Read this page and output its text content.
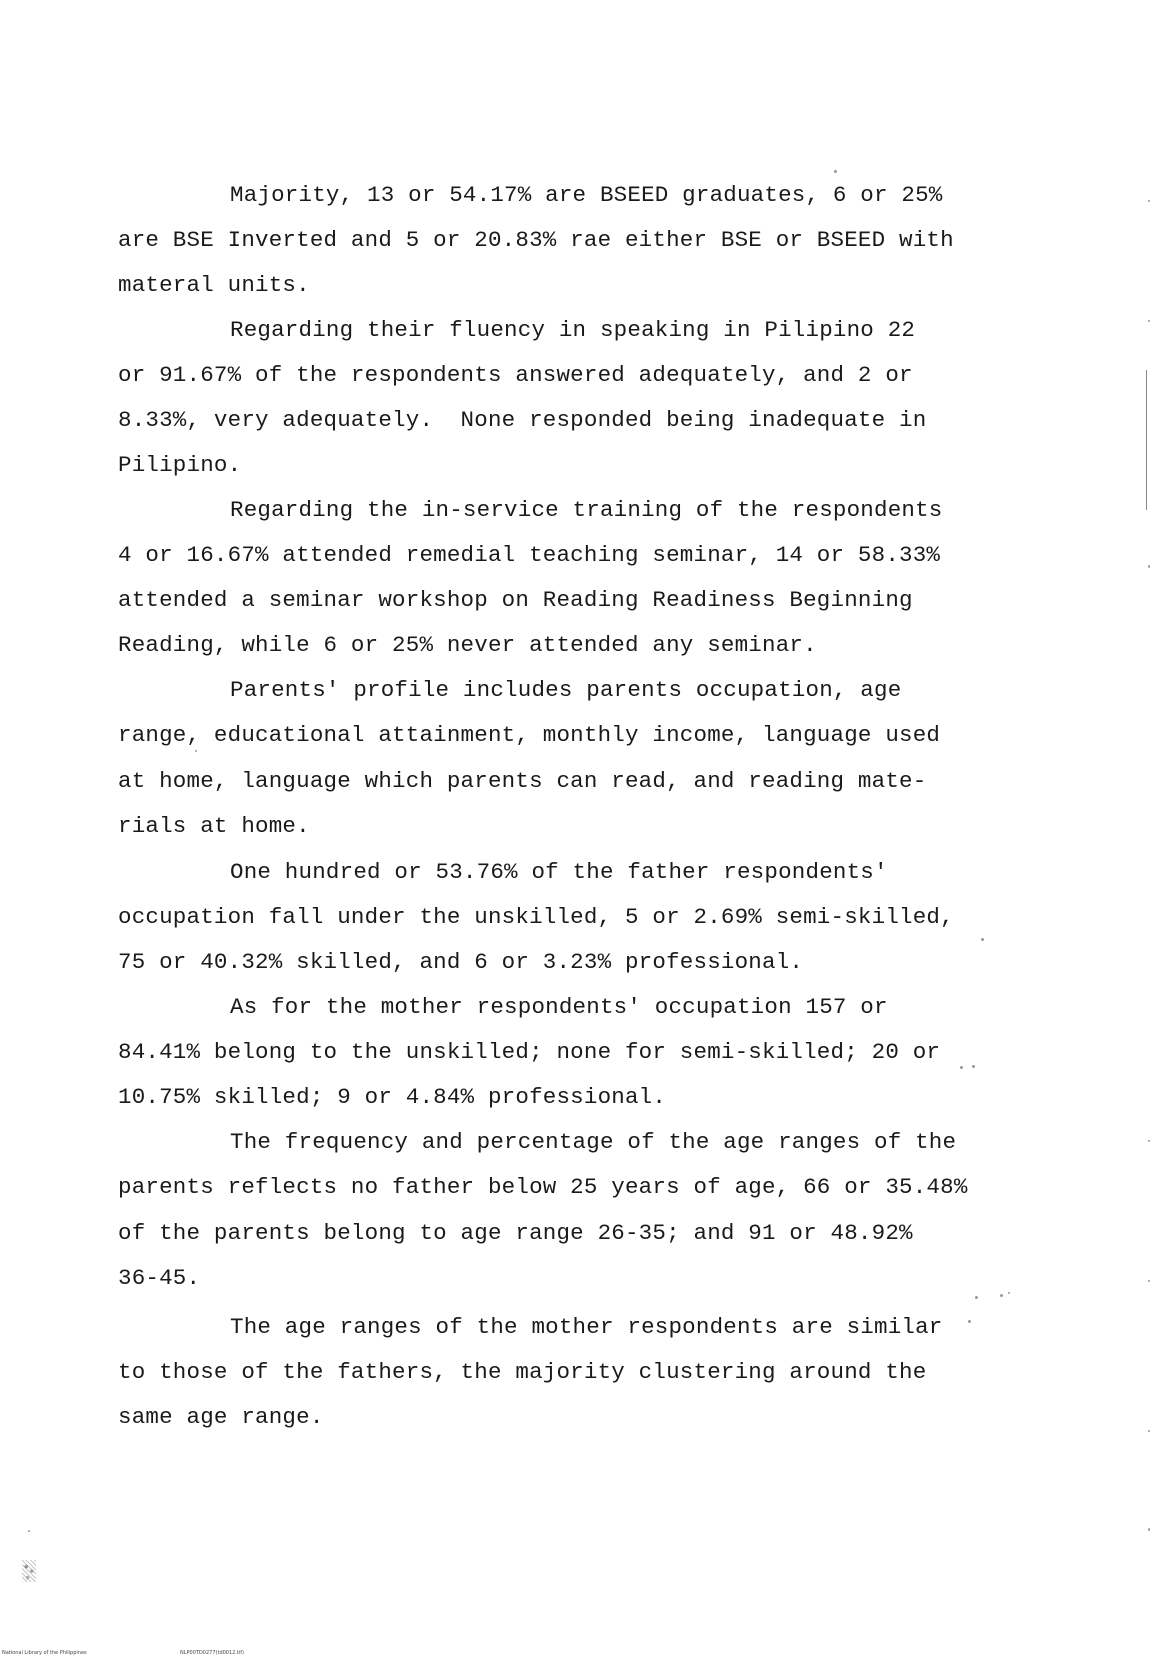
Majority, 13 or 54.17% are BSEED graduates, 6 or 25%
are BSE Inverted and 5 or 20.83% rae either BSE or BSEED with
materal units.
Regarding their fluency in speaking in Pilipino 22
or 91.67% of the respondents answered adequately, and 2 or
8.33%, very adequately.  None responded being inadequate in
Pilipino.
Regarding the in-service training of the respondents
4 or 16.67% attended remedial teaching seminar, 14 or 58.33%
attended a seminar workshop on Reading Readiness Beginning
Reading, while 6 or 25% never attended any seminar.
Parents' profile includes parents occupation, age
range, educational attainment, monthly income, language used
at home, language which parents can read, and reading mate-
rials at home.
One hundred or 53.76% of the father respondents'
occupation fall under the unskilled, 5 or 2.69% semi-skilled,
75 or 40.32% skilled, and 6 or 3.23% professional.
As for the mother respondents' occupation 157 or
84.41% belong to the unskilled; none for semi-skilled; 20 or
10.75% skilled; 9 or 4.84% professional.
The frequency and percentage of the age ranges of the
parents reflects no father below 25 years of age, 66 or 35.48%
of the parents belong to age range 26-35; and 91 or 48.92%
36-45.
The age ranges of the mother respondents are similar
to those of the fathers, the majority clustering around the
same age range.
National Library of the Philippines	NLP00TD0277(td0012.tif)
